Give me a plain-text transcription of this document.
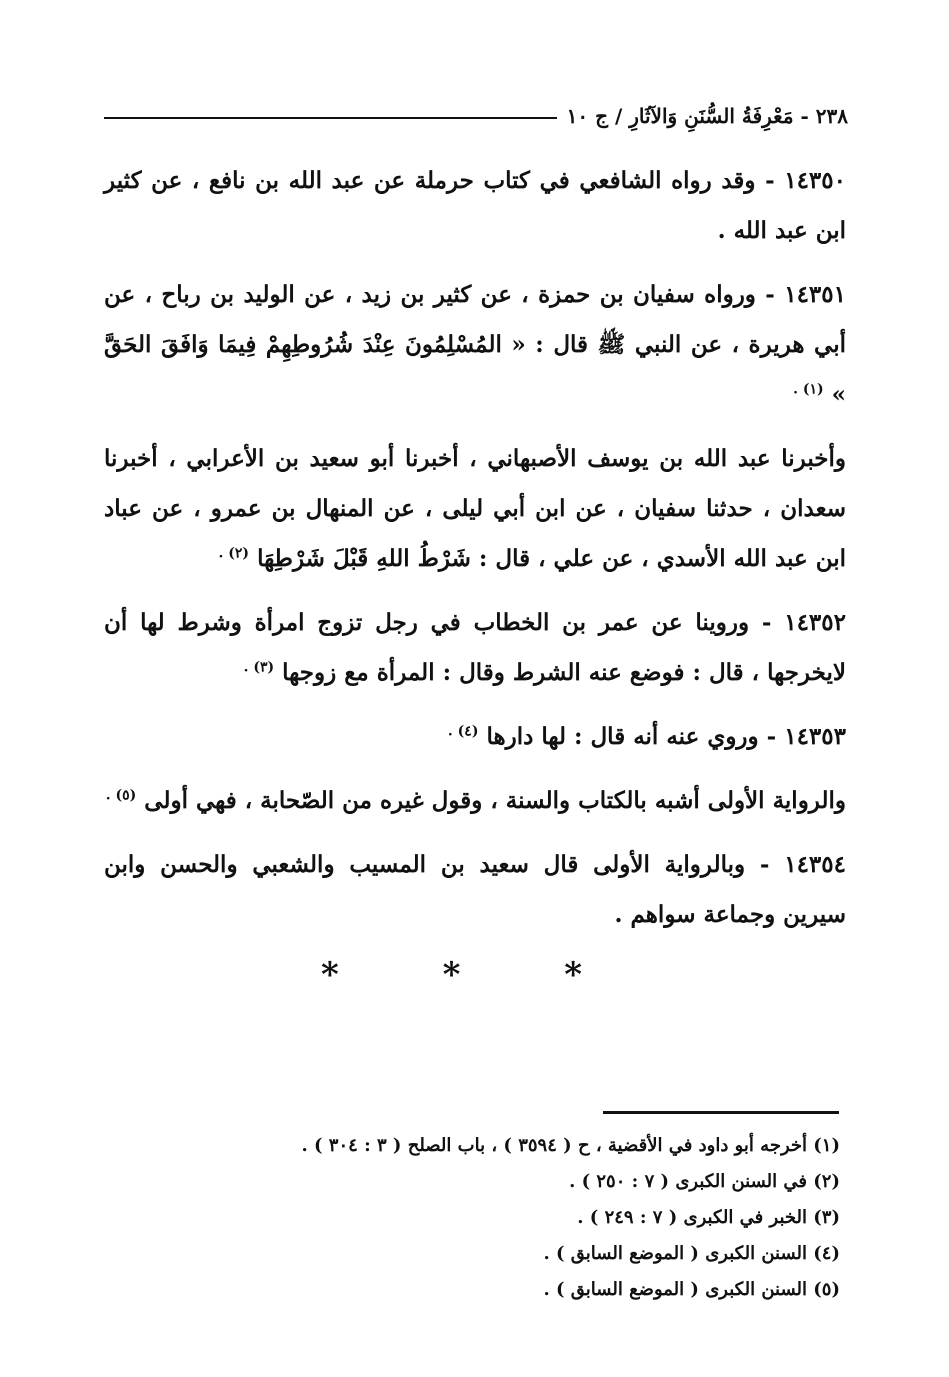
٢٣٨ - مَعْرِفَةُ السُّنَنِ وَالآثَارِ / ج ١٠

١٤٣٥٠ - وقد رواه الشافعي في كتاب حرملة عن عبد الله بن نافع ، عن كثير ابن عبد الله .

١٤٣٥١ - ورواه سفيان بن حمزة ، عن كثير بن زيد ، عن الوليد بن رباح ، عن أبي هريرة ، عن النبي ﷺ قال : « المُسْلِمُونَ عِنْدَ شُرُوطِهِمْ فِيمَا وَافَقَ الحَقَّ » $^{(١) .}$

وأخبرنا عبد الله بن يوسف الأصبهاني ، أخبرنا أبو سعيد بن الأعرابي ، أخبرنا سعدان ، حدثنا سفيان ، عن ابن أبي ليلى ، عن المنهال بن عمرو ، عن عباد ابن عبد الله الأسدي ، عن علي ، قال : شَرْطُ اللهِ قَبْلَ شَرْطِهَا $^{(٢) .}$

١٤٣٥٢ - وروينا عن عمر بن الخطاب في رجل تزوج امرأة وشرط لها أن لايخرجها ، قال : فوضع عنه الشرط وقال : المرأة مع زوجها $^{(٣) .}$

١٤٣٥٣ - وروي عنه أنه قال : لها دارها $^{(٤) .}$

والرواية الأولى أشبه بالكتاب والسنة ، وقول غيره من الصّحابة ، فهي أولى $^{(٥) .}$

١٤٣٥٤ - وبالرواية الأولى قال سعيد بن المسيب والشعبي والحسن وابن سيرين وجماعة سواهم .

* * *
(١) أخرجه أبو داود في الأقضية ، ح ( ٣٥٩٤ ) ، باب الصلح ( ٣ : ٣٠٤ ) .
(٢) في السنن الكبرى ( ٧ : ٢٥٠ ) .
(٣) الخبر في الكبرى ( ٧ : ٢٤٩ ) .
(٤) السنن الكبرى ( الموضع السابق ) .
(٥) السنن الكبرى ( الموضع السابق ) .
